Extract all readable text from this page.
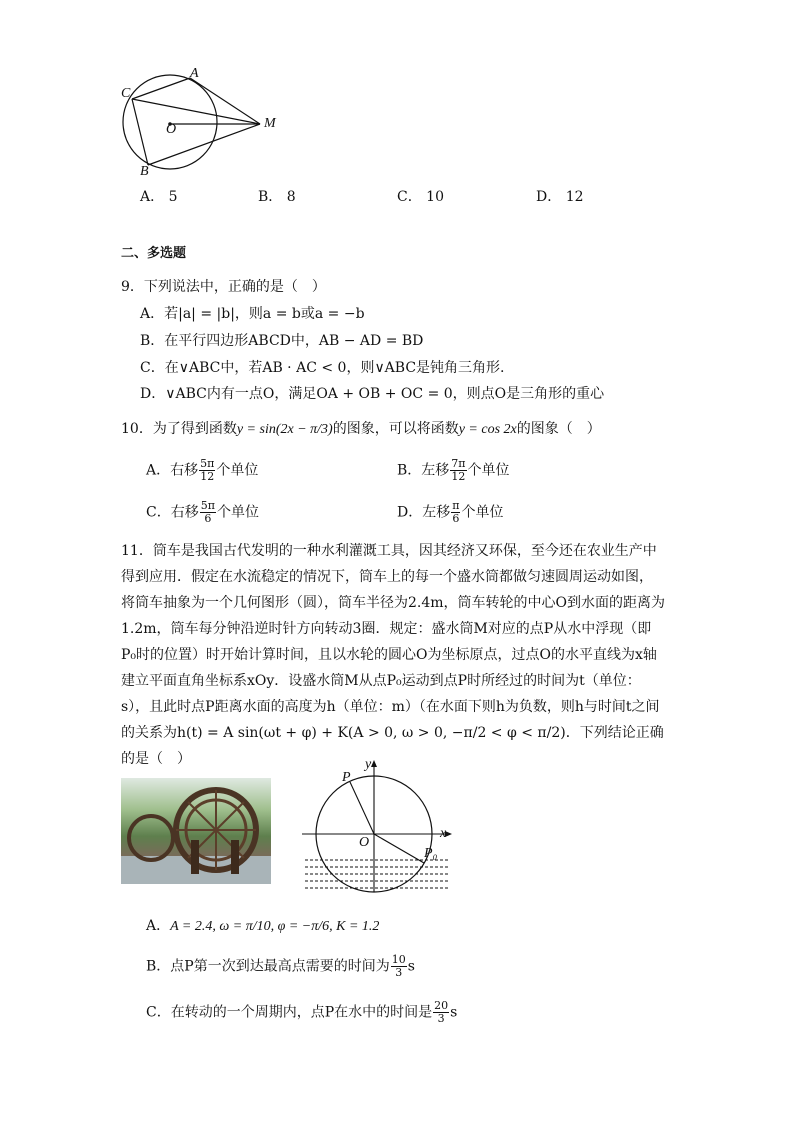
A
C
O	M
B
A． 5	B． 8	C． 10	D． 12
二、多选题
9．下列说法中，正确的是（　）
A．若|a| = |b|，则a = b或a = −b
B．在平行四边形ABCD中，AB − AD = BD
C．在∨ABC中，若AB · AC < 0，则∨ABC是钝角三角形.
D．∨ABC内有一点O，满足OA + OB + OC = 0，则点O是三角形的重心
10．为了得到函数y = sin(2x − π/3)的图象，可以将函数y = cos 2x的图象（　）
A．右移 $\frac{5\pi}{12}$ 个单位	B．左移 $\frac{7\pi}{12}$ 个单位
C．右移 $\frac{5\pi}{6}$ 个单位	D．左移 $\frac{\pi}{6}$ 个单位
11．筒车是我国古代发明的一种水利灌溉工具，因其经济又环保，至今还在农业生产中得到应用．假定在水流稳定的情况下，筒车上的每一个盛水筒都做匀速圆周运动如图，将筒车抽象为一个几何图形（圆），筒车半径为2.4m，筒车转轮的中心O到水面的距离为1.2m，筒车每分钟沿逆时针方向转动3圈．规定：盛水筒M对应的点P从水中浮现（即P₀时的位置）时开始计算时间，且以水轮的圆心O为坐标原点，过点O的水平直线为x轴建立平面直角坐标系xOy．设盛水筒M从点P₀运动到点P时所经过的时间为t（单位：s），且此时点P距离水面的高度为h（单位：m）（在水面下则h为负数，则h与时间t之间的关系为h(t) = A sin(ωt + φ) + K(A > 0, ω > 0, −π/2 < φ < π/2)．下列结论正确的是（　）	y
x
P
O
P₀
A．A = 2.4, ω = π/10, φ = −π/6, K = 1.2
B．点P第一次到达最高点需要的时间为 $\frac{10}{3}$ s
C．在转动的一个周期内，点P在水中的时间是 $\frac{20}{3}$ s
